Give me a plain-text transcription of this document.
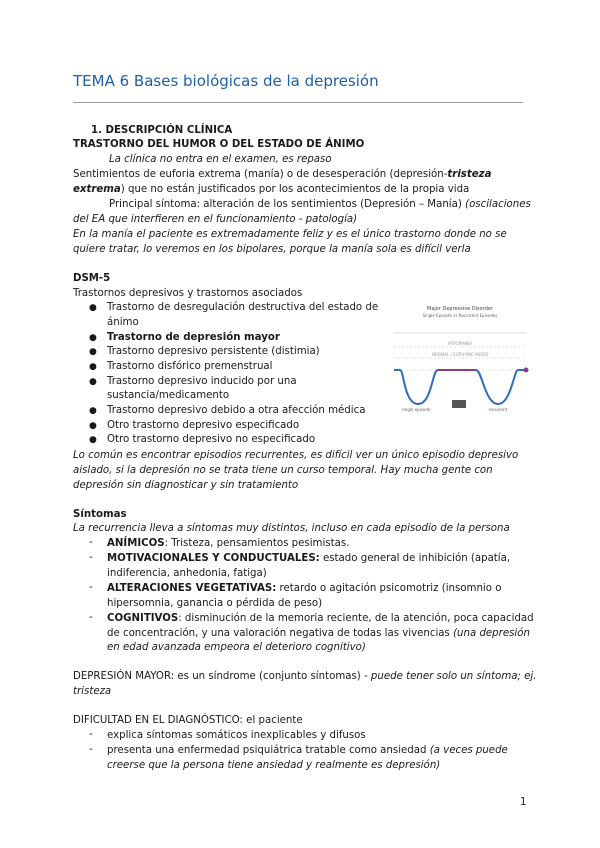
TEMA 6 Bases biológicas de la depresión
1. DESCRIPCIÓN CLÍNICA
TRASTORNO DEL HUMOR O DEL ESTADO DE ÁNIMO
La clínica no entra en el examen, es repaso
Sentimientos de euforia extrema (manía) o de desesperación (depresión-tristeza
extrema) que no están justificados por los acontecimientos de la propia vida
Principal síntoma: alteración de los sentimientos (Depresión – Manía) (oscilaciones
del EA que interfieren en el funcionamiento - patología)
En la manía el paciente es extremadamente feliz y es el único trastorno donde no se
quiere tratar, lo veremos en los bipolares, porque la manía sola es difícil verla
DSM-5
Trastornos depresivos y trastornos asociados
● Trastorno de desregulación destructiva del estado de
ánimo
● Trastorno de depresión mayor
● Trastorno depresivo persistente (distimia)
● Trastorno disfórico premenstrual
● Trastorno depresivo inducido por una
sustancia/medicamento
● Trastorno depresivo debido a otra afección médica
● Otro trastorno depresivo especificado
● Otro trastorno depresivo no especificado
Major Depressive Disorder
Single Episode vs Recurrent Episodes
HYPOMANIA
NORMAL / EUTHYMIC MOOD
single episode	recurrent
Lo común es encontrar episodios recurrentes, es difícil ver un único episodio depresivo
aislado, si la depresión no se trata tiene un curso temporal. Hay mucha gente con
depresión sin diagnosticar y sin tratamiento
Síntomas
La recurrencia lleva a síntomas muy distintos, incluso en cada episodio de la persona
- ANÍMICOS: Tristeza, pensamientos pesimistas.
- MOTIVACIONALES Y CONDUCTUALES: estado general de inhibición (apatía,
indiferencia, anhedonia, fatiga)
- ALTERACIONES VEGETATIVAS: retardo o agitación psicomotriz (insomnio o
hipersomnia, ganancia o pérdida de peso)
- COGNITIVOS: disminución de la memoria reciente, de la atención, poca capacidad
de concentración, y una valoración negativa de todas las vivencias (una depresión
en edad avanzada empeora el deterioro cognitivo)
DEPRESIÓN MAYOR: es un síndrome (conjunto síntomas) - puede tener solo un síntoma; ej.
tristeza
DIFICULTAD EN EL DIAGNÓSTICO: el paciente
- explica síntomas somáticos inexplicables y difusos
- presenta una enfermedad psiquiátrica tratable como ansiedad (a veces puede
creerse que la persona tiene ansiedad y realmente es depresión)
1
